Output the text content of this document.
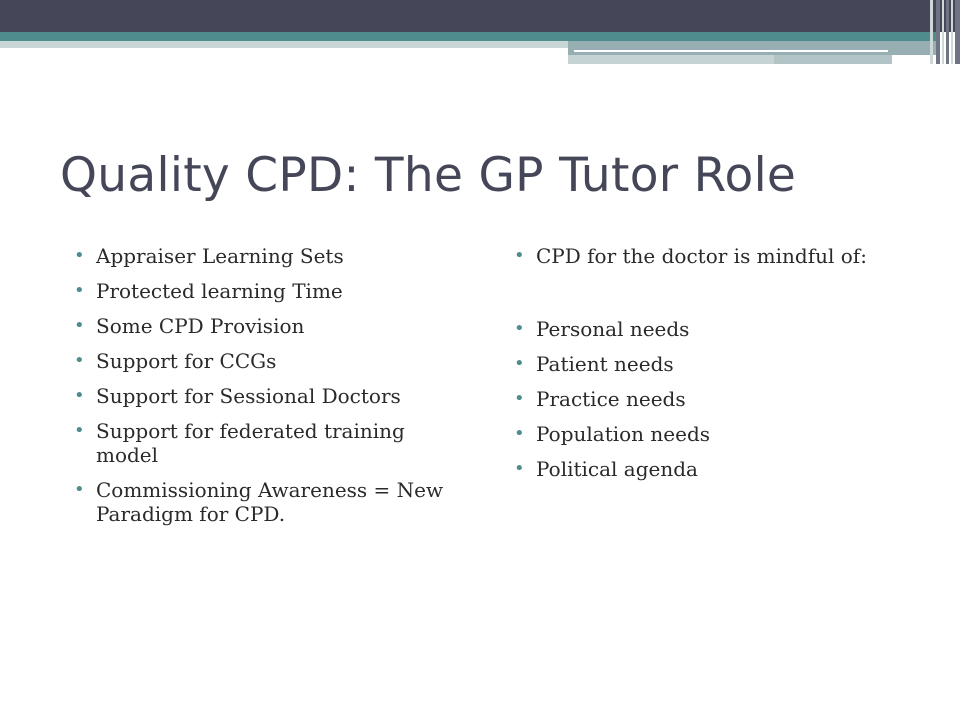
Quality CPD: The GP Tutor Role
• Appraiser Learning Sets
• Protected learning Time
• Some CPD Provision
• Support for CCGs
• Support for Sessional Doctors
• Support for federated training model
• Commissioning Awareness = New Paradigm for CPD.
• CPD for the doctor is mindful of:
• Personal needs
• Patient needs
• Practice needs
• Population needs
• Political agenda
